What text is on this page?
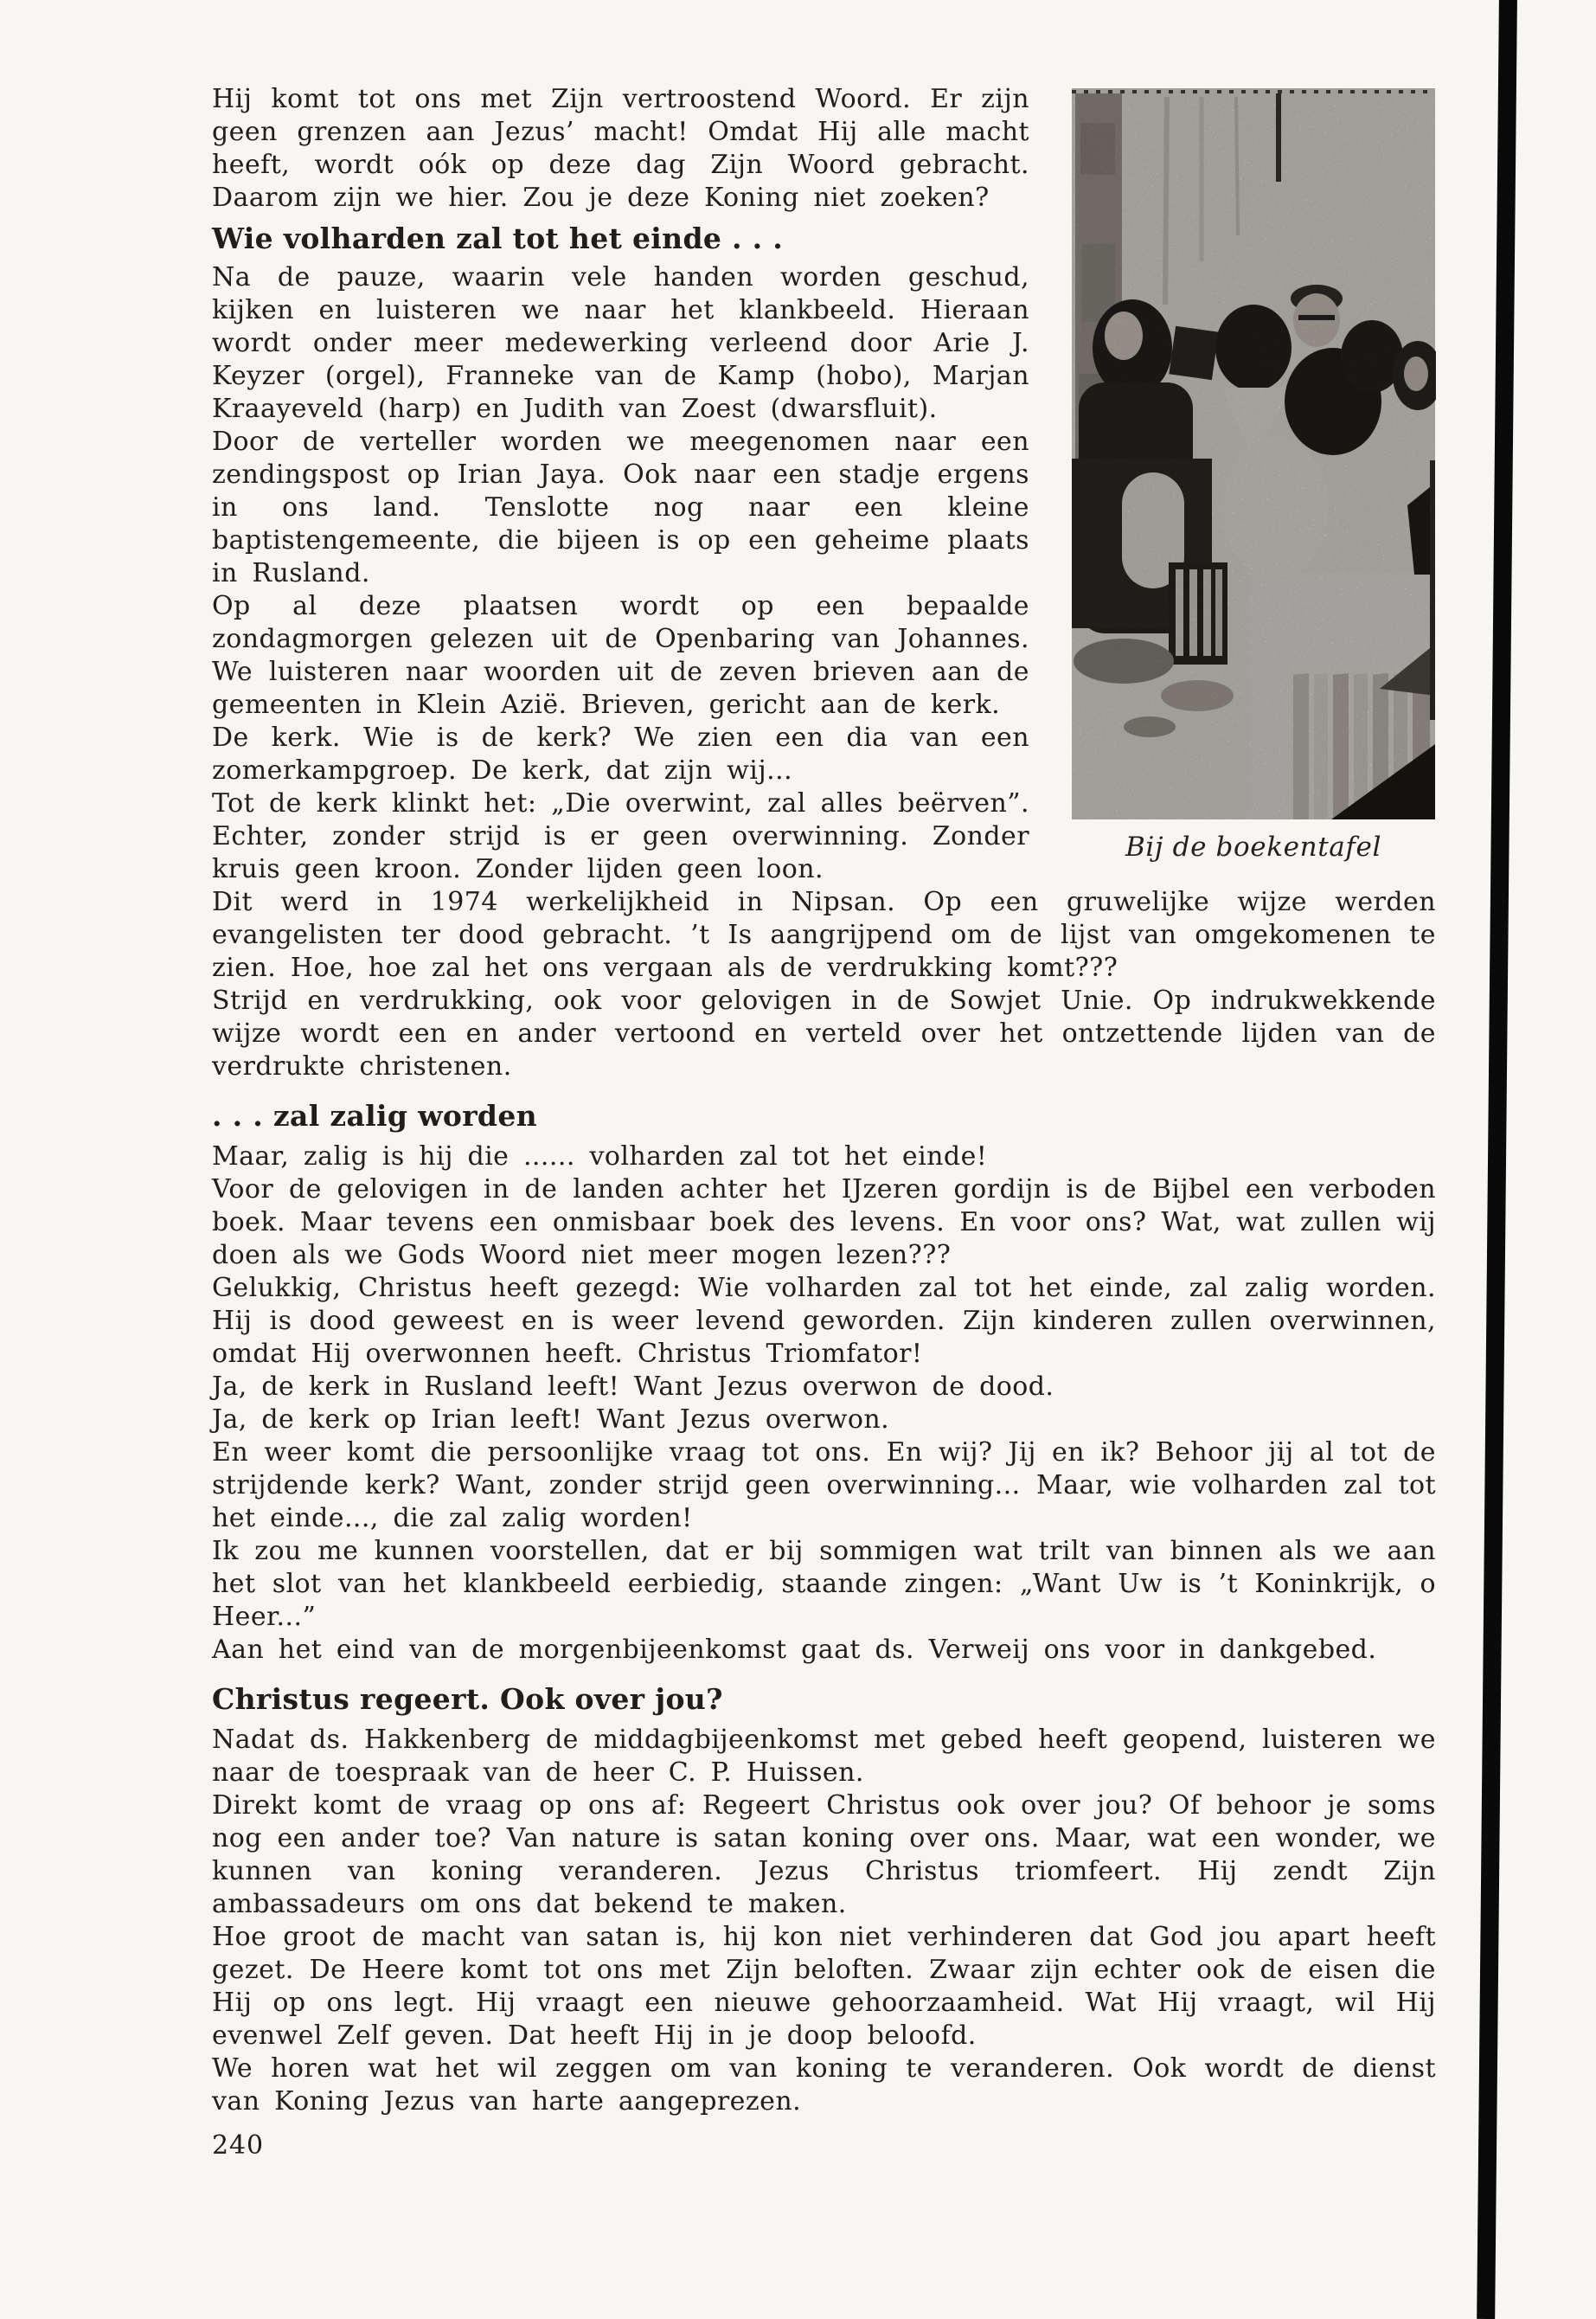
Bij de boekentafel

Hij komt tot ons met Zijn vertroostend Woord. Er zijn geen grenzen aan Jezus’ macht! Omdat Hij alle macht heeft, wordt oók op deze dag Zijn Woord gebracht. Daarom zijn we hier. Zou je deze Koning niet zoeken?

Wie volharden zal tot het einde . . .

Na de pauze, waarin vele handen worden geschud, kijken en luisteren we naar het klankbeeld. Hieraan wordt onder meer medewerking verleend door Arie J. Keyzer (orgel), Franneke van de Kamp (hobo), Marjan Kraayeveld (harp) en Judith van Zoest (dwarsfluit).

Door de verteller worden we meegenomen naar een zendingspost op Irian Jaya. Ook naar een stadje ergens in ons land. Tenslotte nog naar een kleine baptistengemeente, die bijeen is op een geheime plaats in Rusland.

Op al deze plaatsen wordt op een bepaalde zondagmorgen gelezen uit de Openbaring van Johannes. We luisteren naar woorden uit de zeven brieven aan de gemeenten in Klein Azië. Brieven, gericht aan de kerk.

De kerk. Wie is de kerk? We zien een dia van een zomerkampgroep. De kerk, dat zijn wij...

Tot de kerk klinkt het: „Die overwint, zal alles beërven”. Echter, zonder strijd is er geen overwinning. Zonder kruis geen kroon. Zonder lijden geen loon.

Dit werd in 1974 werkelijkheid in Nipsan. Op een gruwelijke wijze werden evangelisten ter dood gebracht. ’t Is aangrijpend om de lijst van omgekomenen te zien. Hoe, hoe zal het ons vergaan als de verdrukking komt???

Strijd en verdrukking, ook voor gelovigen in de Sowjet Unie. Op indrukwekkende wijze wordt een en ander vertoond en verteld over het ontzettende lijden van de verdrukte christenen.

. . . zal zalig worden

Maar, zalig is hij die ...... volharden zal tot het einde!

Voor de gelovigen in de landen achter het IJzeren gordijn is de Bijbel een verboden boek. Maar tevens een onmisbaar boek des levens. En voor ons? Wat, wat zullen wij doen als we Gods Woord niet meer mogen lezen???

Gelukkig, Christus heeft gezegd: Wie volharden zal tot het einde, zal zalig worden. Hij is dood geweest en is weer levend geworden. Zijn kinderen zullen overwinnen, omdat Hij overwonnen heeft. Christus Triomfator!

Ja, de kerk in Rusland leeft! Want Jezus overwon de dood.

Ja, de kerk op Irian leeft! Want Jezus overwon.

En weer komt die persoonlijke vraag tot ons. En wij? Jij en ik? Behoor jij al tot de strijdende kerk? Want, zonder strijd geen overwinning... Maar, wie volharden zal tot het einde..., die zal zalig worden!

Ik zou me kunnen voorstellen, dat er bij sommigen wat trilt van binnen als we aan het slot van het klankbeeld eerbiedig, staande zingen: „Want Uw is ’t Koninkrijk, o Heer...”

Aan het eind van de morgenbijeenkomst gaat ds. Verweij ons voor in dankgebed.

Christus regeert. Ook over jou?

Nadat ds. Hakkenberg de middagbijeenkomst met gebed heeft geopend, luisteren we naar de toespraak van de heer C. P. Huissen.

Direkt komt de vraag op ons af: Regeert Christus ook over jou? Of behoor je soms nog een ander toe? Van nature is satan koning over ons. Maar, wat een wonder, we kunnen van koning veranderen. Jezus Christus triomfeert. Hij zendt Zijn ambassadeurs om ons dat bekend te maken.

Hoe groot de macht van satan is, hij kon niet verhinderen dat God jou apart heeft gezet. De Heere komt tot ons met Zijn beloften. Zwaar zijn echter ook de eisen die Hij op ons legt. Hij vraagt een nieuwe gehoorzaamheid. Wat Hij vraagt, wil Hij evenwel Zelf geven. Dat heeft Hij in je doop beloofd.

We horen wat het wil zeggen om van koning te veranderen. Ook wordt de dienst van Koning Jezus van harte aangeprezen.

240
